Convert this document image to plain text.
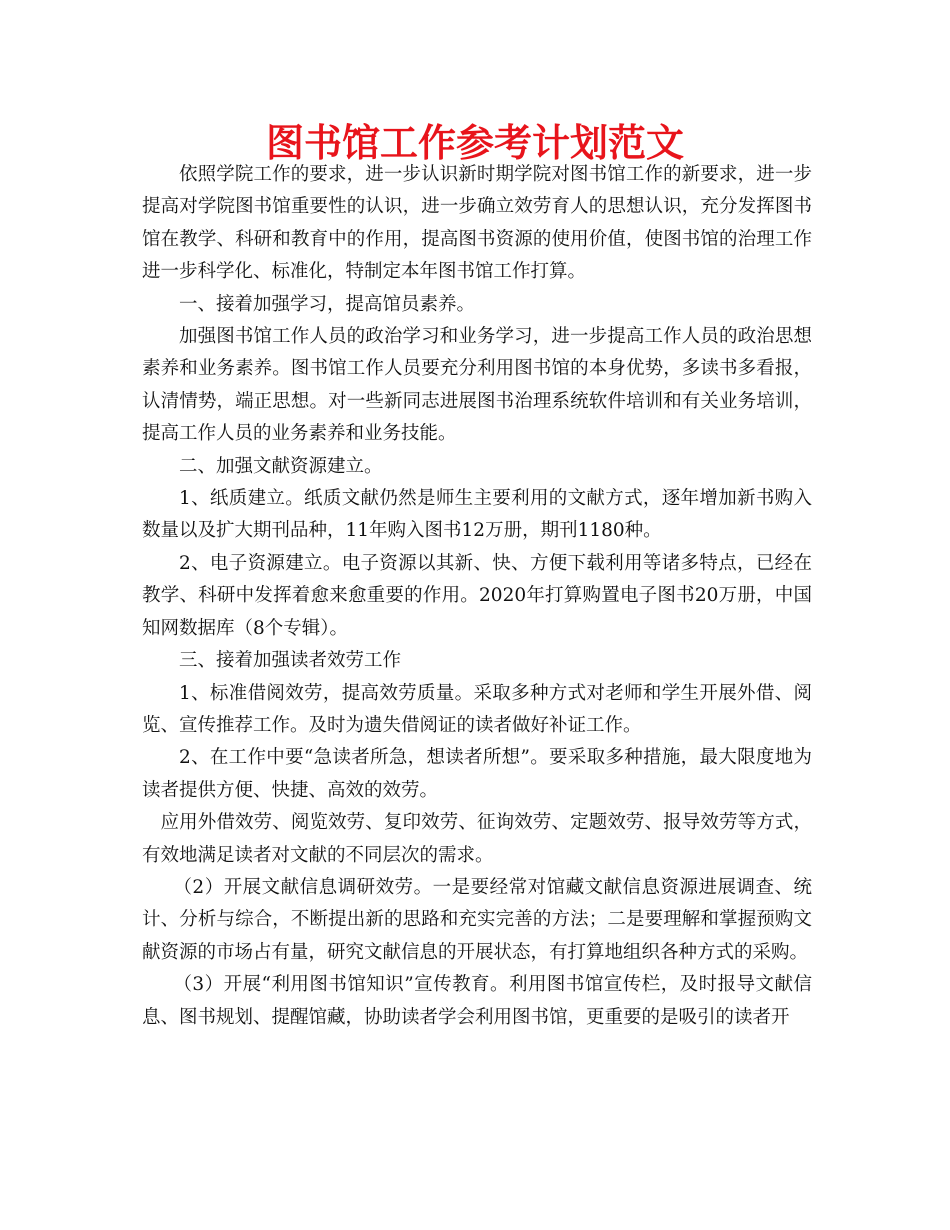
图书馆工作参考计划范文

依照学院工作的要求，进一步认识新时期学院对图书馆工作的新要求，进一步提高对学院图书馆重要性的认识，进一步确立效劳育人的思想认识，充分发挥图书馆在教学、科研和教育中的作用，提高图书资源的使用价值，使图书馆的治理工作进一步科学化、标准化，特制定本年图书馆工作打算。

一、接着加强学习，提高馆员素养。

加强图书馆工作人员的政治学习和业务学习，进一步提高工作人员的政治思想素养和业务素养。图书馆工作人员要充分利用图书馆的本身优势，多读书多看报，认清情势，端正思想。对一些新同志进展图书治理系统软件培训和有关业务培训，提高工作人员的业务素养和业务技能。

二、加强文献资源建立。

1、纸质建立。纸质文献仍然是师生主要利用的文献方式，逐年增加新书购入数量以及扩大期刊品种，11年购入图书12万册，期刊1180种。

2、电子资源建立。电子资源以其新、快、方便下载利用等诸多特点，已经在教学、科研中发挥着愈来愈重要的作用。2020年打算购置电子图书20万册，中国知网数据库（8个专辑）。

三、接着加强读者效劳工作

1、标准借阅效劳，提高效劳质量。采取多种方式对老师和学生开展外借、阅览、宣传推荐工作。及时为遗失借阅证的读者做好补证工作。

2、在工作中要“急读者所急，想读者所想”。要采取多种措施，最大限度地为读者提供方便、快捷、高效的效劳。

应用外借效劳、阅览效劳、复印效劳、征询效劳、定题效劳、报导效劳等方式，有效地满足读者对文献的不同层次的需求。

（2）开展文献信息调研效劳。一是要经常对馆藏文献信息资源进展调查、统计、分析与综合，不断提出新的思路和充实完善的方法；二是要理解和掌握预购文献资源的市场占有量，研究文献信息的开展状态，有打算地组织各种方式的采购。

（3）开展“利用图书馆知识”宣传教育。利用图书馆宣传栏，及时报导文献信息、图书规划、提醒馆藏，协助读者学会利用图书馆，更重要的是吸引的读者开
